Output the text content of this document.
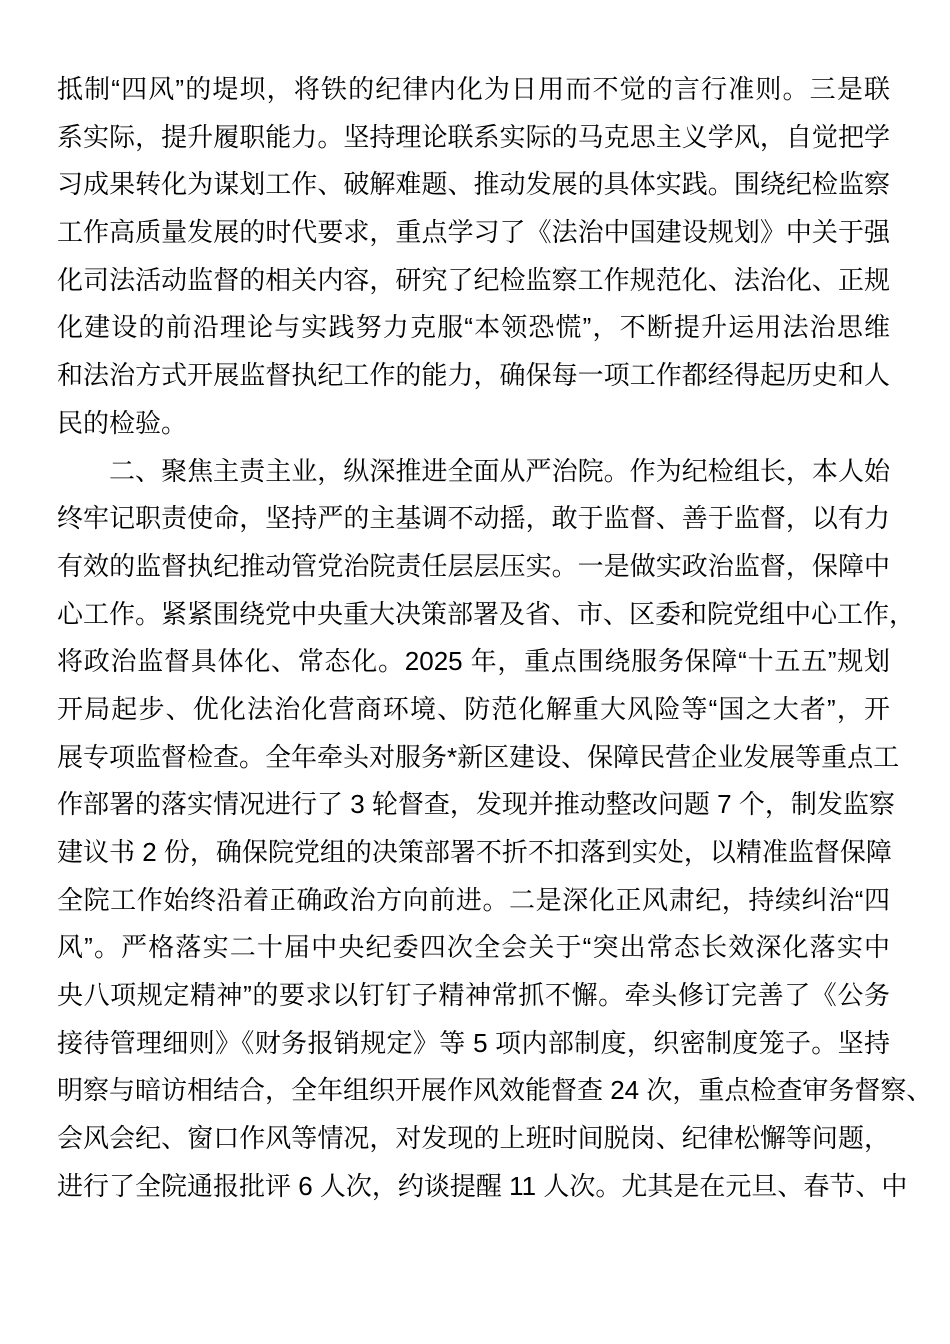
抵制“四风”的堤坝，将铁的纪律内化为日用而不觉的言行准则。三是联
系实际，提升履职能力。坚持理论联系实际的马克思主义学风，自觉把学
习成果转化为谋划工作、破解难题、推动发展的具体实践。围绕纪检监察
工作高质量发展的时代要求，重点学习了《法治中国建设规划》中关于强
化司法活动监督的相关内容，研究了纪检监察工作规范化、法治化、正规
化建设的前沿理论与实践努力克服“本领恐慌”，不断提升运用法治思维
和法治方式开展监督执纪工作的能力，确保每一项工作都经得起历史和人
民的检验。
二、聚焦主责主业，纵深推进全面从严治院。作为纪检组长，本人始
终牢记职责使命，坚持严的主基调不动摇，敢于监督、善于监督，以有力
有效的监督执纪推动管党治院责任层层压实。一是做实政治监督，保障中
心工作。紧紧围绕党中央重大决策部署及省、市、区委和院党组中心工作，
将政治监督具体化、常态化。2025 年，重点围绕服务保障“十五五”规划
开局起步、优化法治化营商环境、防范化解重大风险等“国之大者”，开
展专项监督检查。全年牵头对服务*新区建设、保障民营企业发展等重点工
作部署的落实情况进行了 3 轮督查，发现并推动整改问题 7 个，制发监察
建议书 2 份，确保院党组的决策部署不折不扣落到实处，以精准监督保障
全院工作始终沿着正确政治方向前进。二是深化正风肃纪，持续纠治“四
风”。严格落实二十届中央纪委四次全会关于“突出常态长效深化落实中
央八项规定精神”的要求以钉钉子精神常抓不懈。牵头修订完善了《公务
接待管理细则》《财务报销规定》等 5 项内部制度，织密制度笼子。坚持
明察与暗访相结合，全年组织开展作风效能督查 24 次，重点检查审务督察、
会风会纪、窗口作风等情况，对发现的上班时间脱岗、纪律松懈等问题，
进行了全院通报批评 6 人次，约谈提醒 11 人次。尤其是在元旦、春节、中
